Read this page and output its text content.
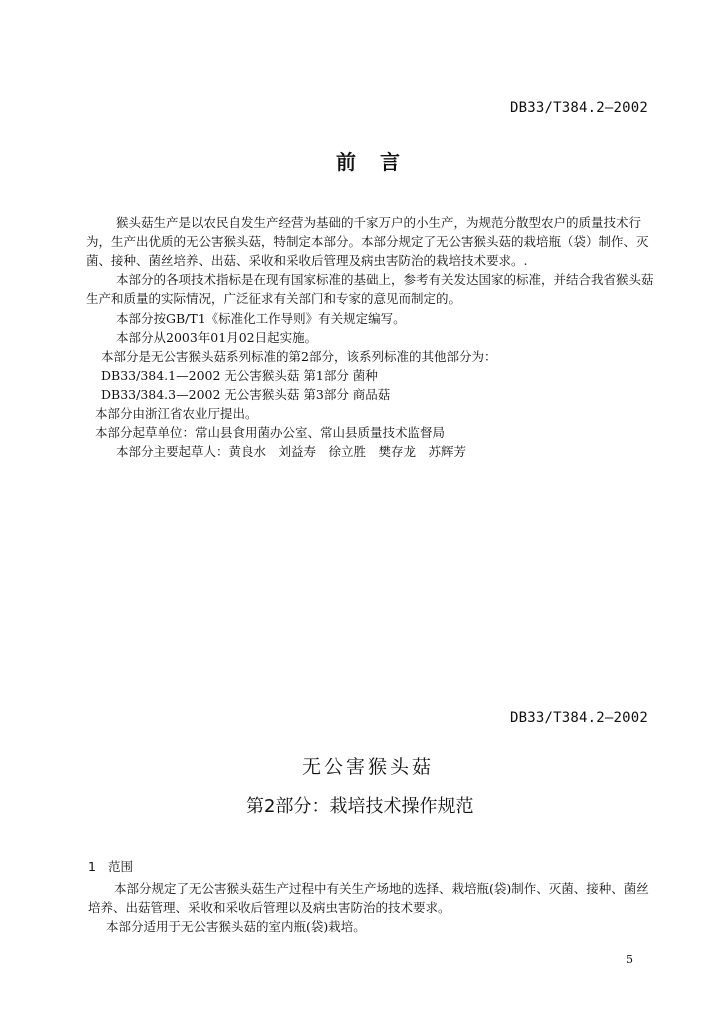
DB33/T384.2—2002
前　言

猴头菇生产是以农民自发生产经营为基础的千家万户的小生产，为规范分散型农户的质量技术行为，生产出优质的无公害猴头菇，特制定本部分。本部分规定了无公害猴头菇的栽培瓶（袋）制作、灭菌、接种、菌丝培养、出菇、采收和采收后管理及病虫害防治的栽培技术要求。.

本部分的各项技术指标是在现有国家标准的基础上，参考有关发达国家的标准，并结合我省猴头菇生产和质量的实际情况，广泛征求有关部门和专家的意见而制定的。

本部分按GB/T1《标准化工作导则》有关规定编写。
本部分从2003年01月02日起实施。
本部分是无公害猴头菇系列标准的第2部分，该系列标准的其他部分为：
DB33/384.1—2002 无公害猴头菇 第1部分 菌种
DB33/384.3—2002 无公害猴头菇 第3部分 商品菇
本部分由浙江省农业厅提出。
本部分起草单位：常山县食用菌办公室、常山县质量技术监督局
本部分主要起草人：黄良水　刘益寿　徐立胜　樊存龙　苏辉芳
DB33/T384.2—2002
无公害猴头菇
第2部分：栽培技术操作规范
1 范围

本部分规定了无公害猴头菇生产过程中有关生产场地的选择、栽培瓶(袋)制作、灭菌、接种、菌丝培养、出菇管理、采收和采收后管理以及病虫害防治的技术要求。

本部分适用于无公害猴头菇的室内瓶(袋)栽培。
5
